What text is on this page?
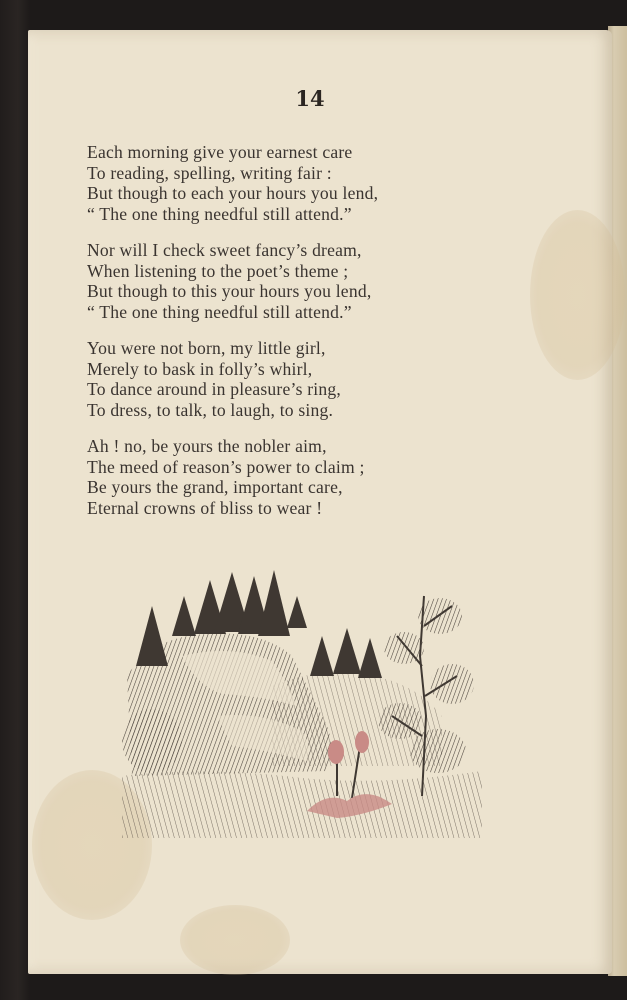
14
Each morning give your earnest care
To reading, spelling, writing fair :
But though to each your hours you lend,
“ The one thing needful still attend.”
Nor will I check sweet fancy’s dream,
When listening to the poet’s theme ;
But though to this your hours you lend,
“ The one thing needful still attend.”
You were not born, my little girl,
Merely to bask in folly’s whirl,
To dance around in pleasure’s ring,
To dress, to talk, to laugh, to sing.
Ah ! no, be yours the nobler aim,
The meed of reason’s power to claim ;
Be yours the grand, important care,
Eternal crowns of bliss to wear !
